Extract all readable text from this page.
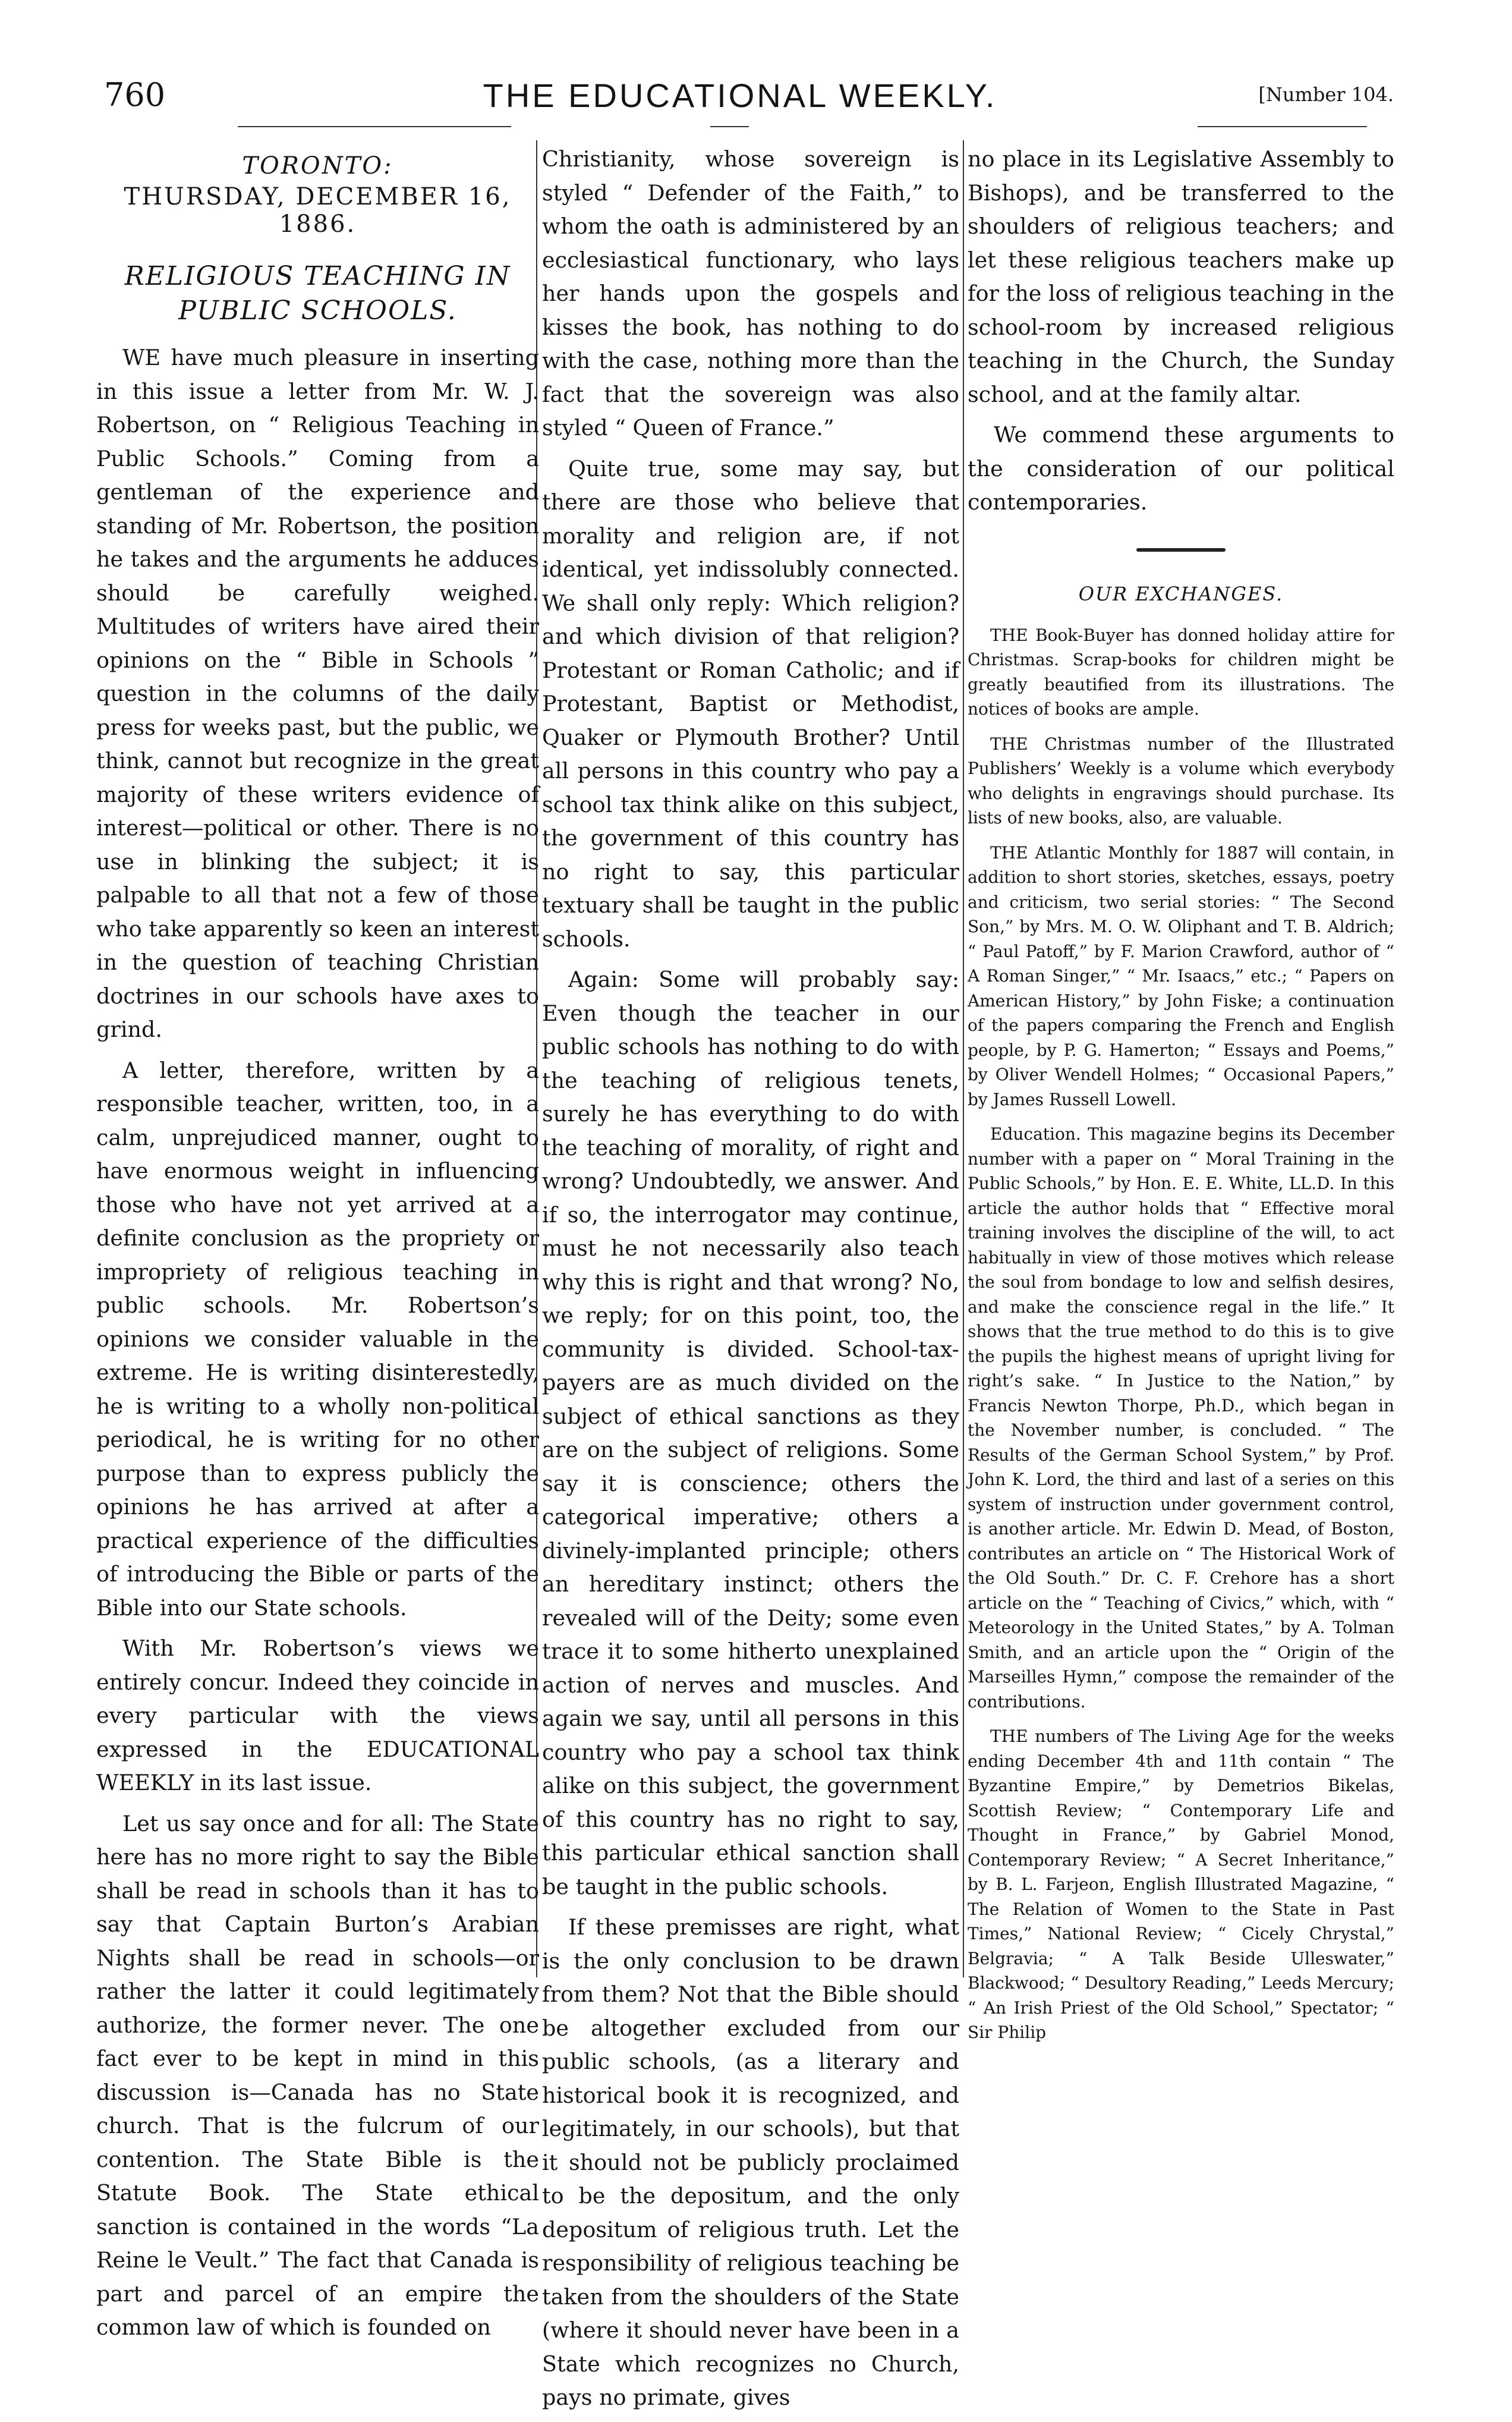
760	THE EDUCATIONAL WEEKLY.	[Number 104.
TORONTO:
THURSDAY, DECEMBER 16, 1886.
RELIGIOUS TEACHING IN PUBLIC SCHOOLS.

WE have much pleasure in inserting in this issue a letter from Mr. W. J. Robertson, on “ Religious Teaching in Public Schools.” Coming from a gentleman of the experience and standing of Mr. Robertson, the position he takes and the arguments he adduces should be carefully weighed. Multitudes of writers have aired their opinions on the “ Bible in Schools ” question in the columns of the daily press for weeks past, but the public, we think, cannot but recognize in the great majority of these writers evidence of interest—political or other. There is no use in blinking the subject; it is palpable to all that not a few of those who take apparently so keen an interest in the question of teaching Christian doctrines in our schools have axes to grind.

A letter, therefore, written by a responsible teacher, written, too, in a calm, unprejudiced manner, ought to have enormous weight in influencing those who have not yet arrived at a definite conclusion as the propriety or impropriety of religious teaching in public schools. Mr. Robertson’s opinions we consider valuable in the extreme. He is writing disinterestedly, he is writing to a wholly non-political periodical, he is writing for no other purpose than to express publicly the opinions he has arrived at after a practical experience of the difficulties of introducing the Bible or parts of the Bible into our State schools.

With Mr. Robertson’s views we entirely concur. Indeed they coincide in every particular with the views expressed in the EDUCATIONAL WEEKLY in its last issue.

Let us say once and for all: The State here has no more right to say the Bible shall be read in schools than it has to say that Captain Burton’s Arabian Nights shall be read in schools—or rather the latter it could legitimately authorize, the former never. The one fact ever to be kept in mind in this discussion is—Canada has no State church. That is the fulcrum of our contention. The State Bible is the Statute Book. The State ethical sanction is contained in the words “La Reine le Veult.” The fact that Canada is part and parcel of an empire the common law of which is founded on

Christianity, whose sovereign is styled “ Defender of the Faith,” to whom the oath is administered by an ecclesiastical functionary, who lays her hands upon the gospels and kisses the book, has nothing to do with the case, nothing more than the fact that the sovereign was also styled “ Queen of France.”

Quite true, some may say, but there are those who believe that morality and religion are, if not identical, yet indissolubly connected. We shall only reply: Which religion? and which division of that religion? Protestant or Roman Catholic; and if Protestant, Baptist or Methodist, Quaker or Plymouth Brother? Until all persons in this country who pay a school tax think alike on this subject, the government of this country has no right to say, this particular textuary shall be taught in the public schools.

Again: Some will probably say: Even though the teacher in our public schools has nothing to do with the teaching of religious tenets, surely he has everything to do with the teaching of morality, of right and wrong? Undoubtedly, we answer. And if so, the interrogator may continue, must he not necessarily also teach why this is right and that wrong? No, we reply; for on this point, too, the community is divided. School-tax-payers are as much divided on the subject of ethical sanctions as they are on the subject of religions. Some say it is conscience; others the categorical imperative; others a divinely-implanted principle; others an hereditary instinct; others the revealed will of the Deity; some even trace it to some hitherto unexplained action of nerves and muscles. And again we say, until all persons in this country who pay a school tax think alike on this subject, the government of this country has no right to say, this particular ethical sanction shall be taught in the public schools.

If these premisses are right, what is the only conclusion to be drawn from them? Not that the Bible should be altogether excluded from our public schools, (as a literary and historical book it is recognized, and legitimately, in our schools), but that it should not be publicly proclaimed to be the depositum, and the only depositum of religious truth. Let the responsibility of religious teaching be taken from the shoulders of the State (where it should never have been in a State which recognizes no Church, pays no primate, gives

no place in its Legislative Assembly to Bishops), and be transferred to the shoulders of religious teachers; and let these religious teachers make up for the loss of religious teaching in the school-room by increased religious teaching in the Church, the Sunday school, and at the family altar.

We commend these arguments to the consideration of our political contemporaries.

OUR EXCHANGES.

THE Book-Buyer has donned holiday attire for Christmas. Scrap-books for children might be greatly beautified from its illustrations. The notices of books are ample.

THE Christmas number of the Illustrated Publishers’ Weekly is a volume which everybody who delights in engravings should purchase. Its lists of new books, also, are valuable.

THE Atlantic Monthly for 1887 will contain, in addition to short stories, sketches, essays, poetry and criticism, two serial stories: “ The Second Son,” by Mrs. M. O. W. Oliphant and T. B. Aldrich; “ Paul Patoff,” by F. Marion Crawford, author of “ A Roman Singer,” “ Mr. Isaacs,” etc.; “ Papers on American History,” by John Fiske; a continuation of the papers comparing the French and English people, by P. G. Hamerton; “ Essays and Poems,” by Oliver Wendell Holmes; “ Occasional Papers,” by James Russell Lowell.

Education. This magazine begins its December number with a paper on “ Moral Training in the Public Schools,” by Hon. E. E. White, LL.D. In this article the author holds that “ Effective moral training involves the discipline of the will, to act habitually in view of those motives which release the soul from bondage to low and selfish desires, and make the conscience regal in the life.” It shows that the true method to do this is to give the pupils the highest means of upright living for right’s sake. “ In Justice to the Nation,” by Francis Newton Thorpe, Ph.D., which began in the November number, is concluded. “ The Results of the German School System,” by Prof. John K. Lord, the third and last of a series on this system of instruction under government control, is another article. Mr. Edwin D. Mead, of Boston, contributes an article on “ The Historical Work of the Old South.” Dr. C. F. Crehore has a short article on the “ Teaching of Civics,” which, with “ Meteorology in the United States,” by A. Tolman Smith, and an article upon the “ Origin of the Marseilles Hymn,” compose the remainder of the contributions.

THE numbers of The Living Age for the weeks ending December 4th and 11th contain “ The Byzantine Empire,” by Demetrios Bikelas, Scottish Review; “ Contemporary Life and Thought in France,” by Gabriel Monod, Contemporary Review; “ A Secret Inheritance,” by B. L. Farjeon, English Illustrated Magazine, “ The Relation of Women to the State in Past Times,” National Review; “ Cicely Chrystal,” Belgravia; “ A Talk Beside Ulleswater,” Blackwood; “ Desultory Reading,” Leeds Mercury; “ An Irish Priest of the Old School,” Spectator; “ Sir Philip
